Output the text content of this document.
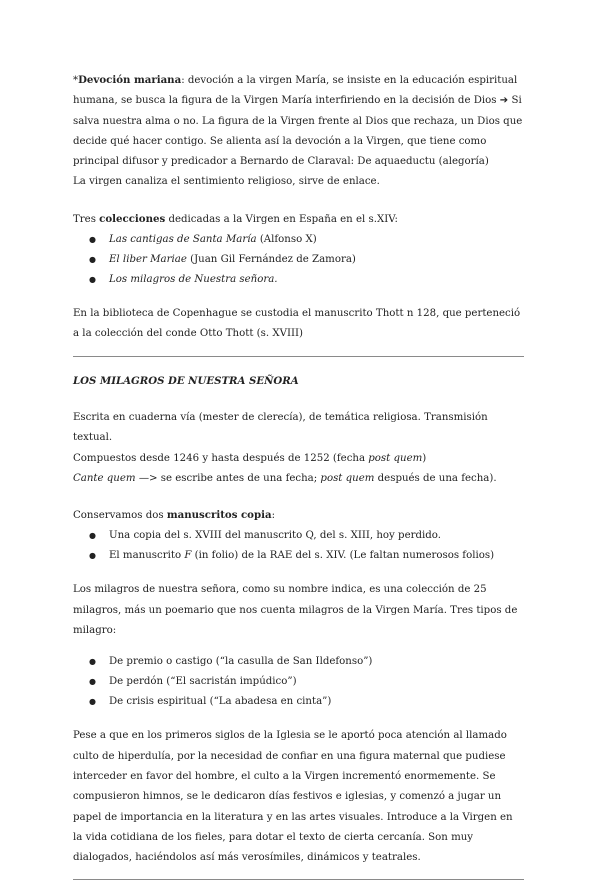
*Devoción mariana: devoción a la virgen María, se insiste en la educación espiritual humana, se busca la figura de la Virgen María interfiriendo en la decisión de Dios ➔ Si salva nuestra alma o no. La figura de la Virgen frente al Dios que rechaza, un Dios que decide qué hacer contigo. Se alienta así la devoción a la Virgen, que tiene como principal difusor y predicador a Bernardo de Claraval: De aquaeductu (alegoría)

La virgen canaliza el sentimiento religioso, sirve de enlace.

Tres colecciones dedicadas a la Virgen en España en el s.XIV:

● Las cantigas de Santa María (Alfonso X)
● El liber Mariae (Juan Gil Fernández de Zamora)
● Los milagros de Nuestra señora.

En la biblioteca de Copenhague se custodia el manuscrito Thott n 128, que perteneció a la colección del conde Otto Thott (s. XVIII)

LOS MILAGROS DE NUESTRA SEÑORA

Escrita en cuaderna vía (mester de clerecía), de temática religiosa. Transmisión textual.

Compuestos desde 1246 y hasta después de 1252 (fecha post quem)

Cante quem —> se escribe antes de una fecha; post quem después de una fecha).

Conservamos dos manuscritos copia:

● Una copia del s. XVIII del manuscrito Q, del s. XIII, hoy perdido.
● El manuscrito F (in folio) de la RAE del s. XIV. (Le faltan numerosos folios)

Los milagros de nuestra señora, como su nombre indica, es una colección de 25 milagros, más un poemario que nos cuenta milagros de la Virgen María. Tres tipos de milagro:

● De premio o castigo (“la casulla de San Ildefonso”)
● De perdón (“El sacristán impúdico”)
● De crisis espiritual (“La abadesa en cinta”)

Pese a que en los primeros siglos de la Iglesia se le aportó poca atención al llamado culto de hiperdulía, por la necesidad de confiar en una figura maternal que pudiese interceder en favor del hombre, el culto a la Virgen incrementó enormemente. Se compusieron himnos, se le dedicaron días festivos e iglesias, y comenzó a jugar un papel de importancia en la literatura y en las artes visuales. Introduce a la Virgen en la vida cotidiana de los fieles, para dotar el texto de cierta cercanía. Son muy dialogados, haciéndolos así más verosímiles, dinámicos y teatrales.
